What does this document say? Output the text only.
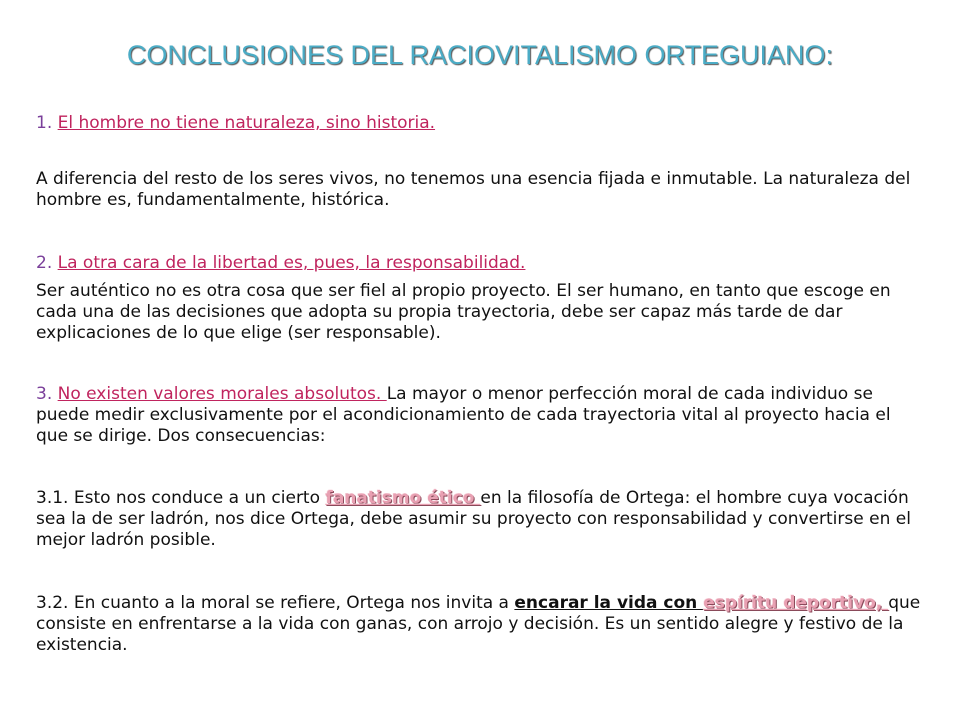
CONCLUSIONES DEL RACIOVITALISMO ORTEGUIANO:
1. El hombre no tiene naturaleza, sino historia.
A diferencia del resto de los seres vivos, no tenemos una esencia fijada e inmutable. La naturaleza del hombre es, fundamentalmente, histórica.
2. La otra cara de la libertad es, pues, la responsabilidad.
Ser auténtico no es otra cosa que ser fiel al propio proyecto. El ser humano, en tanto que escoge en cada una de las decisiones que adopta su propia trayectoria, debe ser capaz más tarde de dar explicaciones de lo que elige (ser responsable).
3. No existen valores morales absolutos. La mayor o menor perfección moral de cada individuo se puede medir exclusivamente por el acondicionamiento de cada trayectoria vital al proyecto hacia el que se dirige. Dos consecuencias:
3.1. Esto nos conduce a un cierto fanatismo ético en la filosofía de Ortega: el hombre cuya vocación sea la de ser ladrón, nos dice Ortega, debe asumir su proyecto con responsabilidad y convertirse en el mejor ladrón posible.
3.2. En cuanto a la moral se refiere, Ortega nos invita a encarar la vida con espíritu deportivo, que consiste en enfrentarse a la vida con ganas, con arrojo y decisión. Es un sentido alegre y festivo de la existencia.
